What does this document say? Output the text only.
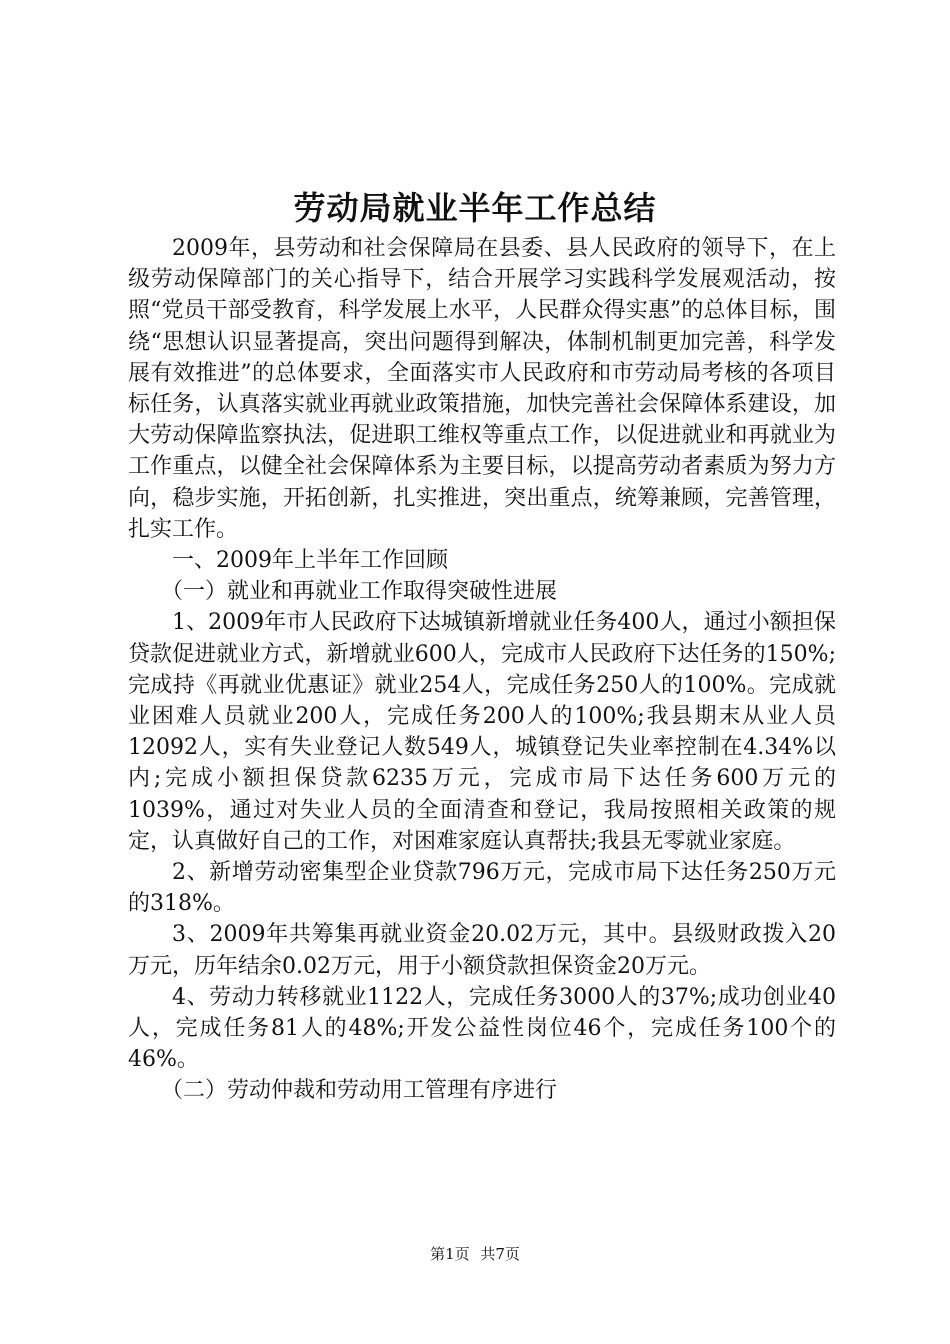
劳动局就业半年工作总结

2009年，县劳动和社会保障局在县委、县人民政府的领导下，在上级劳动保障部门的关心指导下，结合开展学习实践科学发展观活动，按照“党员干部受教育，科学发展上水平，人民群众得实惠”的总体目标，围绕“思想认识显著提高，突出问题得到解决，体制机制更加完善，科学发展有效推进”的总体要求，全面落实市人民政府和市劳动局考核的各项目标任务，认真落实就业再就业政策措施，加快完善社会保障体系建设，加大劳动保障监察执法，促进职工维权等重点工作，以促进就业和再就业为工作重点，以健全社会保障体系为主要目标，以提高劳动者素质为努力方向，稳步实施，开拓创新，扎实推进，突出重点，统筹兼顾，完善管理，扎实工作。

一、2009年上半年工作回顾

（一）就业和再就业工作取得突破性进展

1、2009年市人民政府下达城镇新增就业任务400人，通过小额担保贷款促进就业方式，新增就业600人，完成市人民政府下达任务的150%;完成持《再就业优惠证》就业254人，完成任务250人的100%。完成就业困难人员就业200人，完成任务200人的100%;我县期末从业人员12092人，实有失业登记人数549人，城镇登记失业率控制在4.34%以内;完成小额担保贷款6235万元，完成市局下达任务600万元的1039%，通过对失业人员的全面清查和登记，我局按照相关政策的规定，认真做好自己的工作，对困难家庭认真帮扶;我县无零就业家庭。

2、新增劳动密集型企业贷款796万元，完成市局下达任务250万元的318%。

3、2009年共筹集再就业资金20.02万元，其中。县级财政拨入20万元，历年结余0.02万元，用于小额贷款担保资金20万元。

4、劳动力转移就业1122人，完成任务3000人的37%;成功创业40人，完成任务81人的48%;开发公益性岗位46个，完成任务100个的46%。

（二）劳动仲裁和劳动用工管理有序进行

第1页 共7页
